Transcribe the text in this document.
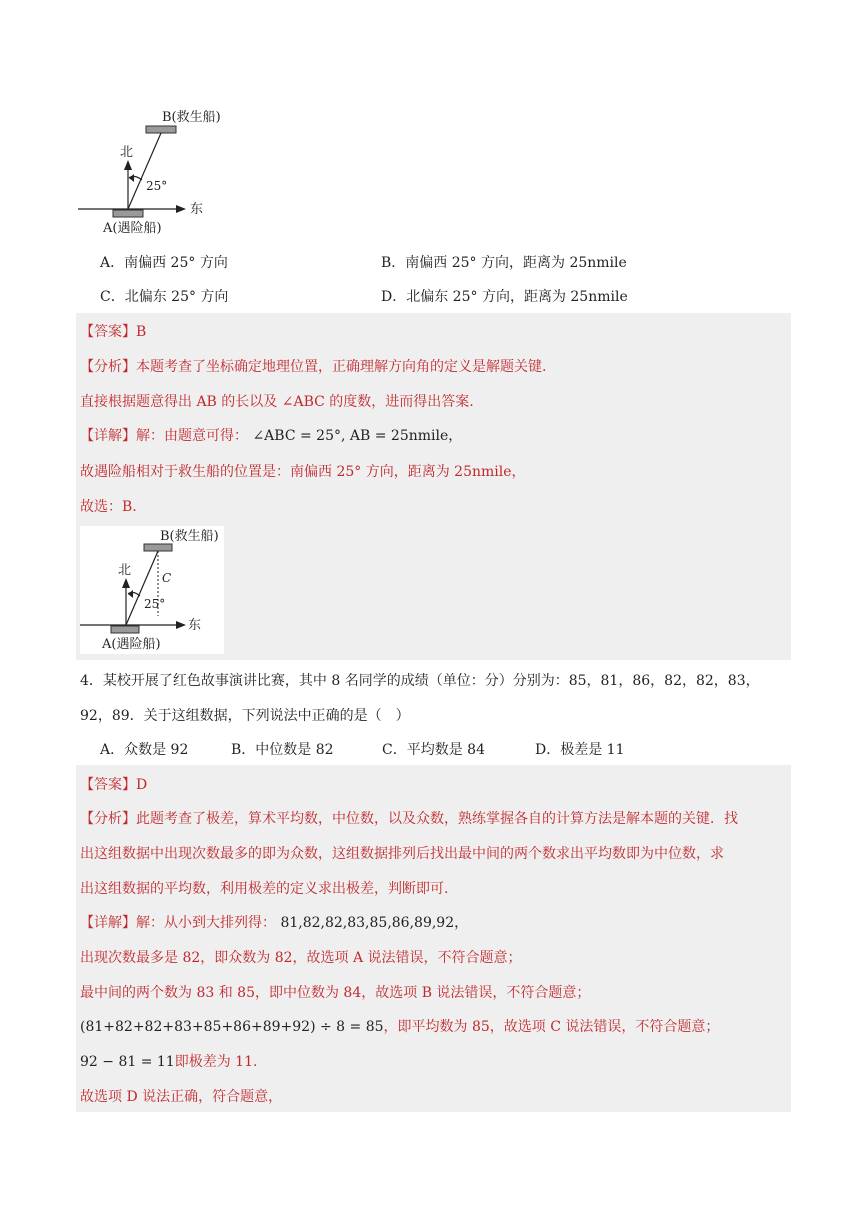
B(救生船)
北
东
25°
A(遇险船)
A．南偏西 25° 方向	B．南偏西 25° 方向，距离为 25nmile
C．北偏东 25° 方向	D．北偏东 25° 方向，距离为 25nmile
【答案】B
【分析】本题考查了坐标确定地理位置，正确理解方向角的定义是解题关键.
直接根据题意得出 AB 的长以及 ∠ABC 的度数，进而得出答案.
【详解】解：由题意可得： ∠ABC = 25°, AB = 25nmile，
故遇险船相对于救生船的位置是：南偏西 25° 方向，距离为 25nmile，
故选：B.
B(救生船)
C
北
东
25°
A(遇险船)
4．某校开展了红色故事演讲比赛，其中 8 名同学的成绩（单位：分）分别为：85，81，86，82，82，83，
92，89．关于这组数据，下列说法中正确的是（　）
A．众数是 92	B．中位数是 82	C．平均数是 84	D．极差是 11
【答案】D
【分析】此题考查了极差，算术平均数，中位数，以及众数，熟练掌握各自的计算方法是解本题的关键．找
出这组数据中出现次数最多的即为众数，这组数据排列后找出最中间的两个数求出平均数即为中位数，求
出这组数据的平均数，利用极差的定义求出极差，判断即可.
【详解】解：从小到大排列得： 81,82,82,83,85,86,89,92，
出现次数最多是 82，即众数为 82，故选项 A 说法错误，不符合题意；
最中间的两个数为 83 和 85，即中位数为 84，故选项 B 说法错误，不符合题意；
(81+82+82+83+85+86+89+92) ÷ 8 = 85，即平均数为 85，故选项 C 说法错误，不符合题意；
92 − 81 = 11即极差为 11.
故选项 D 说法正确，符合题意，
